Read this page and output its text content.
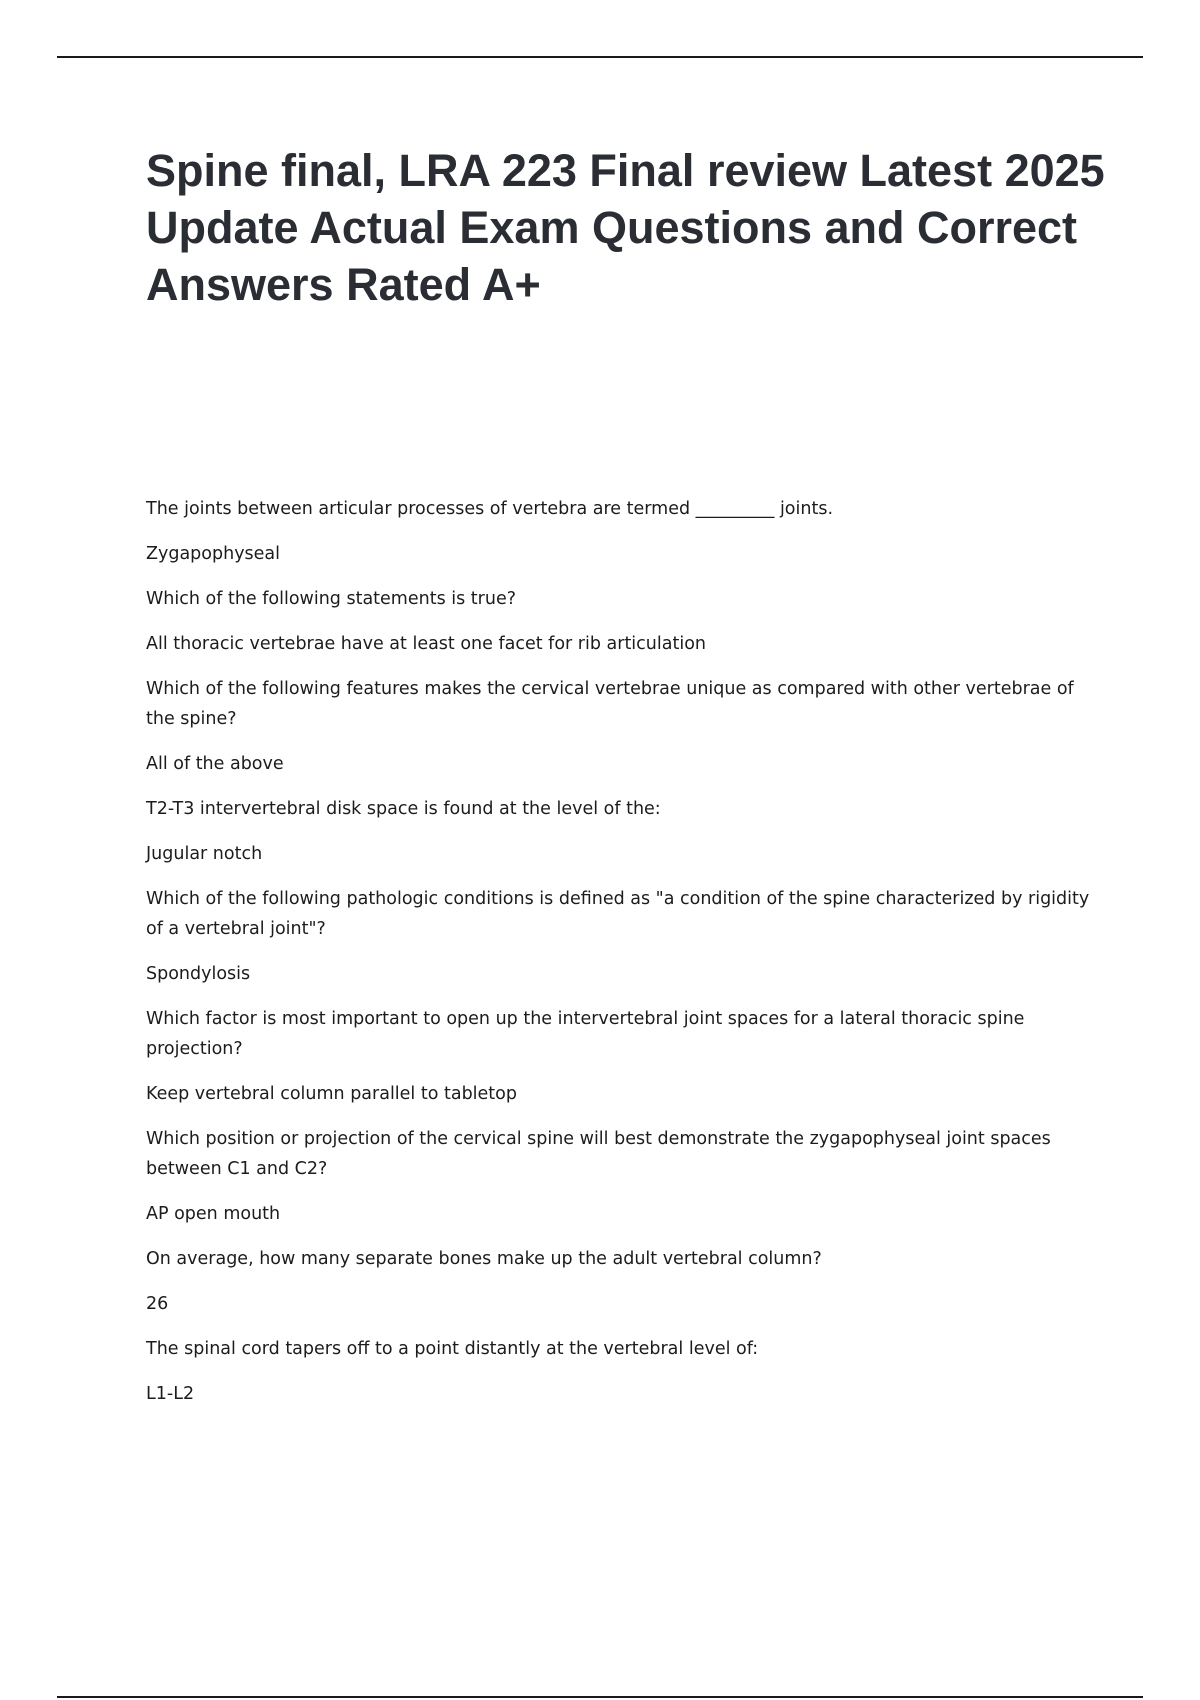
Spine final, LRA 223 Final review Latest 2025 Update Actual Exam Questions and Correct Answers Rated A+

The joints between articular processes of vertebra are termed _________ joints.

Zygapophyseal

Which of the following statements is true?

All thoracic vertebrae have at least one facet for rib articulation

Which of the following features makes the cervical vertebrae unique as compared with other vertebrae of the spine?

All of the above

T2-T3 intervertebral disk space is found at the level of the:

Jugular notch

Which of the following pathologic conditions is defined as "a condition of the spine characterized by rigidity of a vertebral joint"?

Spondylosis

Which factor is most important to open up the intervertebral joint spaces for a lateral thoracic spine projection?

Keep vertebral column parallel to tabletop

Which position or projection of the cervical spine will best demonstrate the zygapophyseal joint spaces between C1 and C2?

AP open mouth

On average, how many separate bones make up the adult vertebral column?

26

The spinal cord tapers off to a point distantly at the vertebral level of:

L1-L2
